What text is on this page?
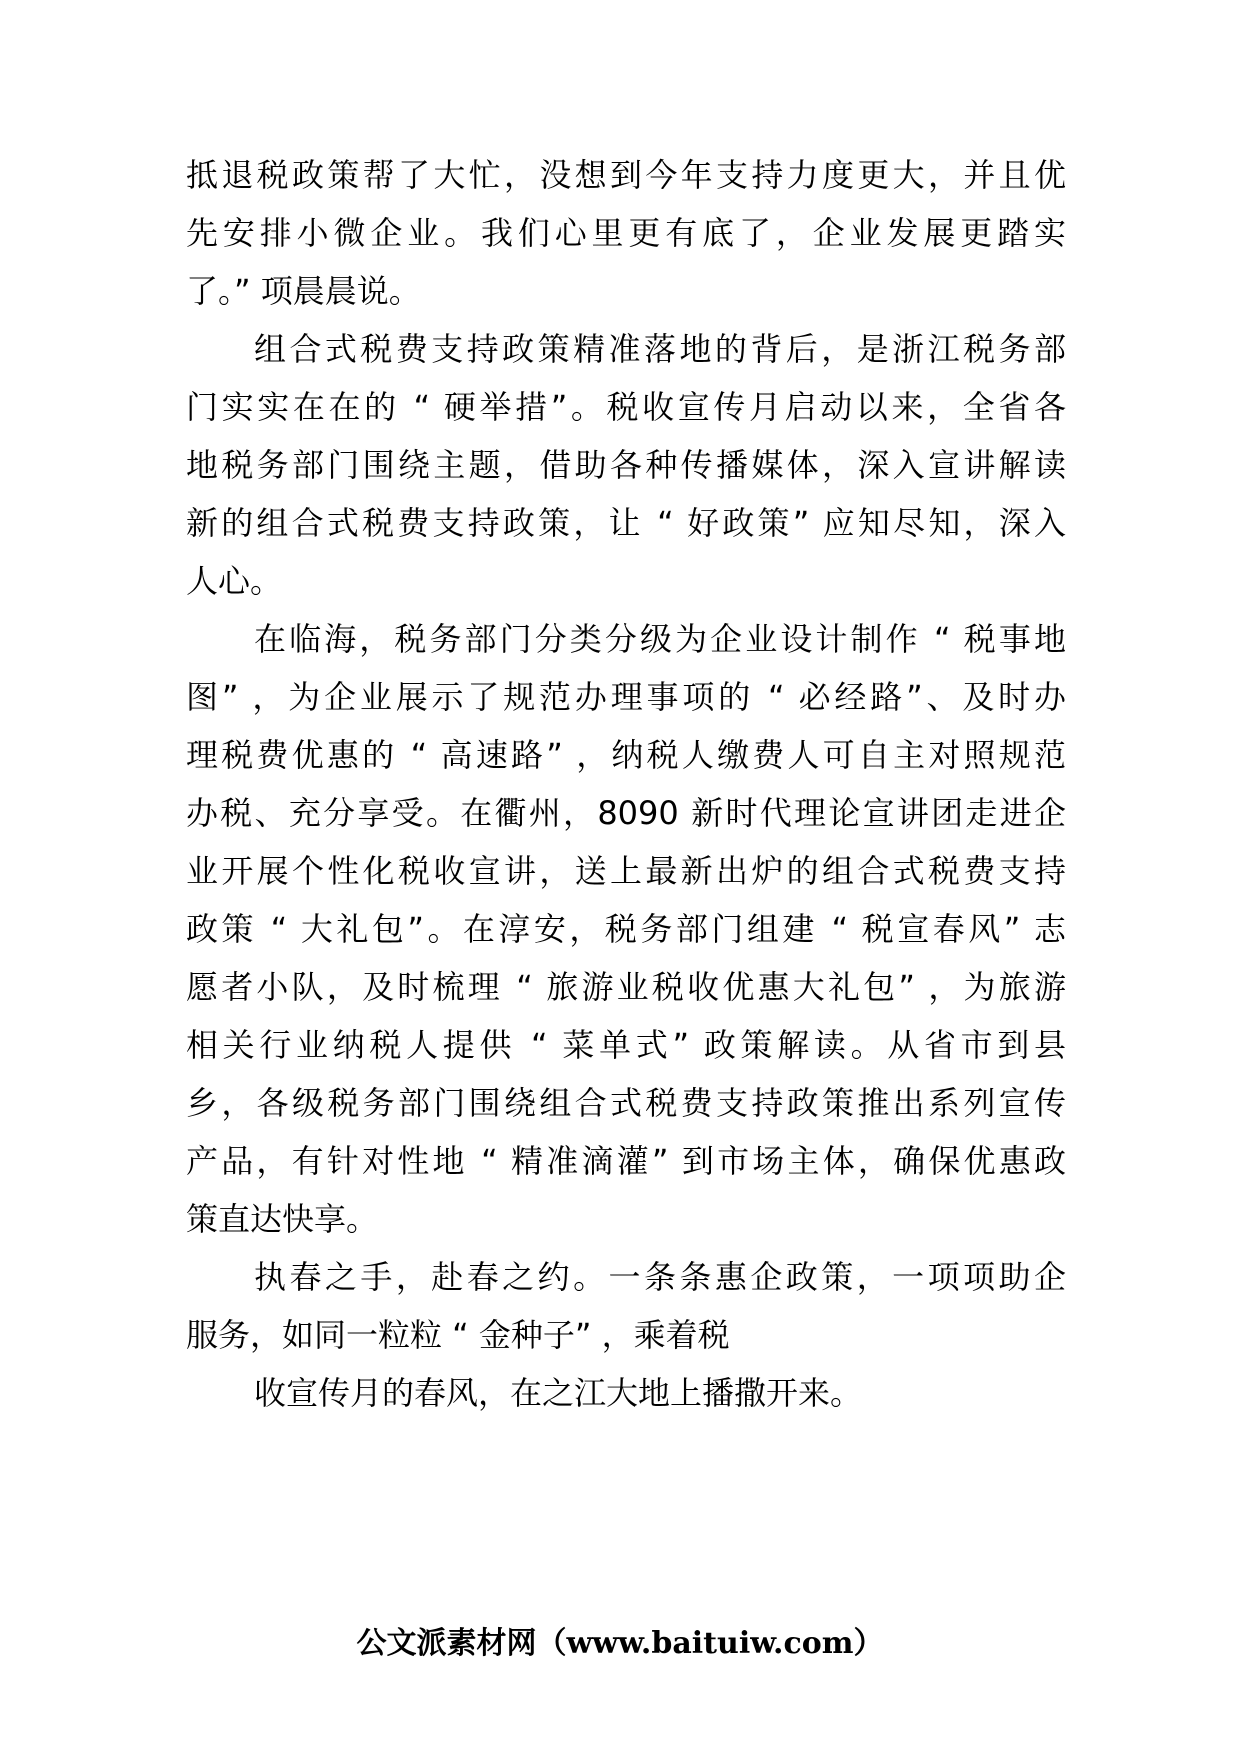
抵退税政策帮了大忙，没想到今年支持力度更大，并且优
先安排小微企业。我们心里更有底了，企业发展更踏实
了。” 项晨晨说。
组合式税费支持政策精准落地的背后，是浙江税务部
门实实在在的 “ 硬举措”。税收宣传月启动以来，全省各
地税务部门围绕主题，借助各种传播媒体，深入宣讲解读
新的组合式税费支持政策，让 “ 好政策” 应知尽知，深入
人心。
在临海，税务部门分类分级为企业设计制作 “ 税事地
图” ，为企业展示了规范办理事项的 “ 必经路”、及时办
理税费优惠的 “ 高速路” ，纳税人缴费人可自主对照规范
办税、充分享受。在衢州，8090 新时代理论宣讲团走进企
业开展个性化税收宣讲，送上最新出炉的组合式税费支持
政策 “ 大礼包”。在淳安，税务部门组建 “ 税宣春风” 志
愿者小队，及时梳理 “ 旅游业税收优惠大礼包” ，为旅游
相关行业纳税人提供 “ 菜单式” 政策解读。从省市到县
乡，各级税务部门围绕组合式税费支持政策推出系列宣传
产品，有针对性地 “ 精准滴灌” 到市场主体，确保优惠政
策直达快享。
执春之手，赴春之约。一条条惠企政策，一项项助企
服务，如同一粒粒 “ 金种子” ，乘着税
收宣传月的春风，在之江大地上播撒开来。
公文派素材网（www.baituiw.com）
